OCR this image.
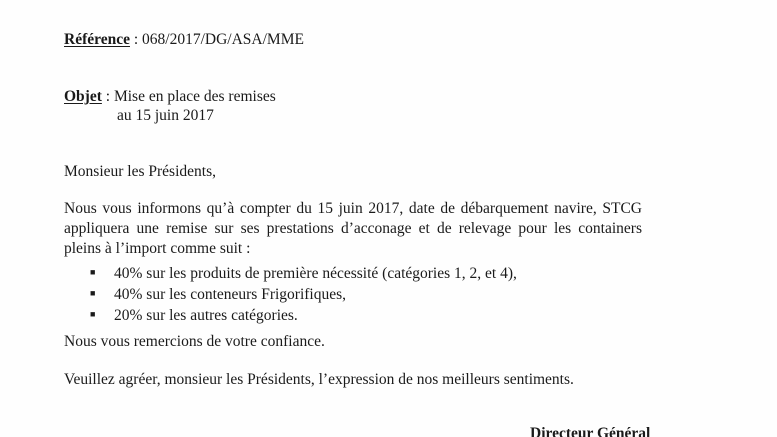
Référence : 068/2017/DG/ASA/MME
Objet : Mise en place des remises
au 15 juin 2017
Monsieur les Présidents,
Nous vous informons qu’à compter du 15 juin 2017, date de débarquement navire, STCG appliquera une remise sur ses prestations d’acconage et de relevage pour les containers pleins à l’import comme suit :
■ 40% sur les produits de première nécessité (catégories 1, 2, et 4),
■ 40% sur les conteneurs Frigorifiques,
■ 20% sur les autres catégories.
Nous vous remercions de votre confiance.
Veuillez agréer, monsieur les Présidents, l’expression de nos meilleurs sentiments.
Directeur Général
